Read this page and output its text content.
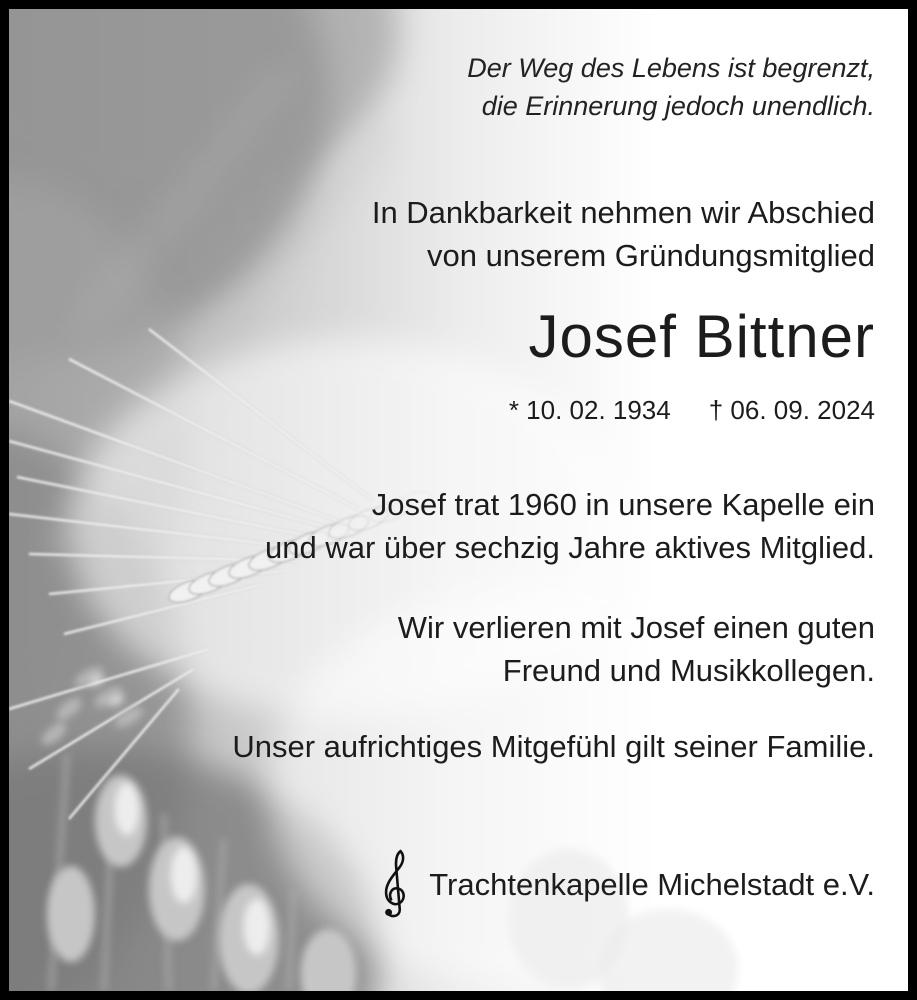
Der Weg des Lebens ist begrenzt,
die Erinnerung jedoch unendlich.
In Dankbarkeit nehmen wir Abschied
von unserem Gründungsmitglied
Josef Bittner
* 10. 02. 1934 † 06. 09. 2024
Josef trat 1960 in unsere Kapelle ein
und war über sechzig Jahre aktives Mitglied.
Wir verlieren mit Josef einen guten
Freund und Musikkollegen.
Unser aufrichtiges Mitgefühl gilt seiner Familie.
Trachtenkapelle Michelstadt e.V.
